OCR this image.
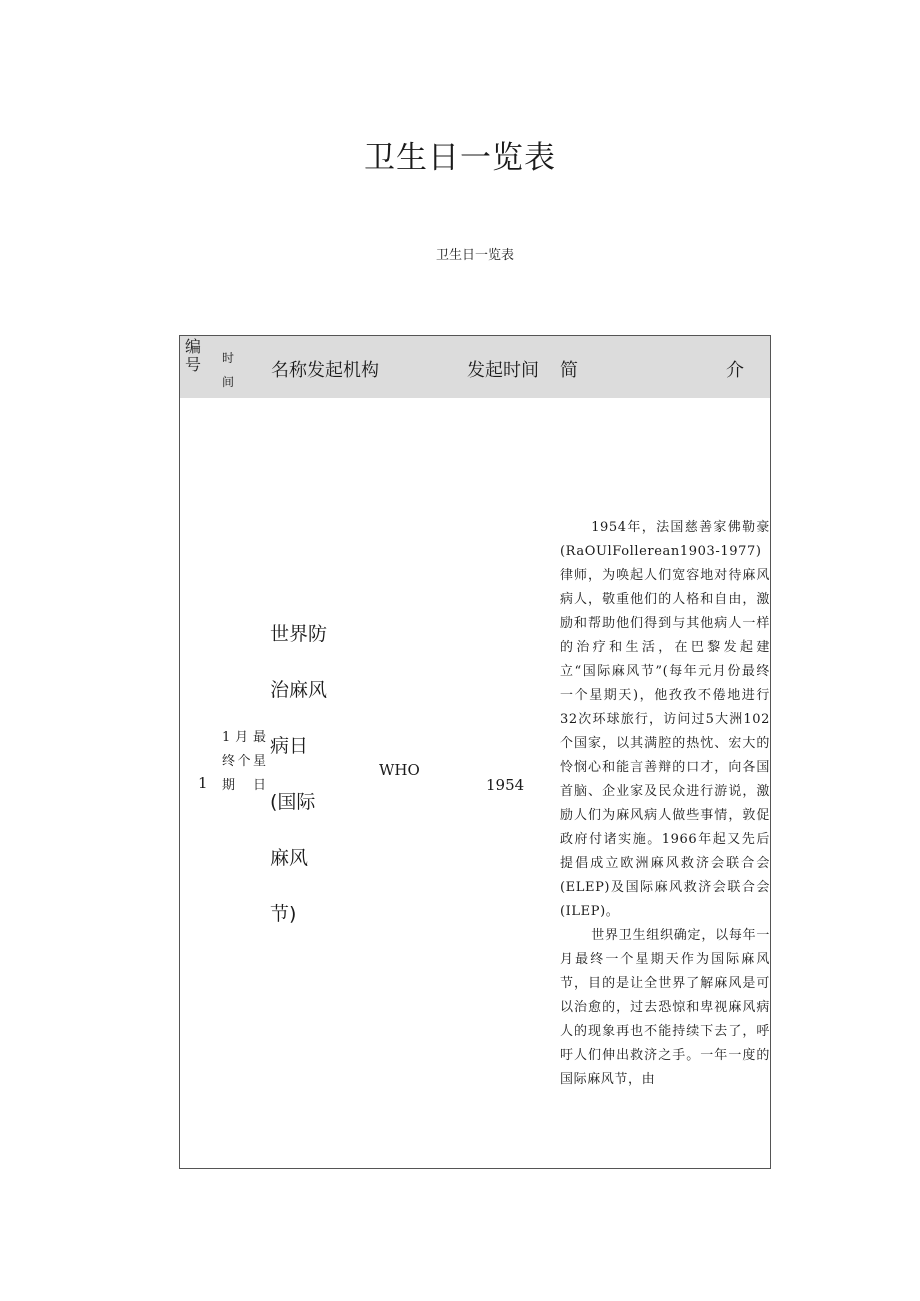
卫生日一览表
卫生日一览表
编号 时间
名称发起机构	发起时间 简	介
1
1月最终个星期日
世界防
治麻风
病日
(国际
麻风
节)
WHO
1954

1954年，法国慈善家佛勒豪(RaOUlFollerean1903-1977)律师，为唤起人们宽容地对待麻风病人，敬重他们的人格和自由，激励和帮助他们得到与其他病人一样的治疗和生活，在巴黎发起建立“国际麻风节”(每年元月份最终一个星期天)，他孜孜不倦地进行32次环球旅行，访问过5大洲102个国家，以其满腔的热忱、宏大的怜悯心和能言善辩的口才，向各国首脑、企业家及民众进行游说，激励人们为麻风病人做些事情，敦促政府付诸实施。1966年起又先后提倡成立欧洲麻风救济会联合会(ELEP)及国际麻风救济会联合会(ILEP)。

世界卫生组织确定，以每年一月最终一个星期天作为国际麻风节，目的是让全世界了解麻风是可以治愈的，过去恐惊和卑视麻风病人的现象再也不能持续下去了，呼吁人们伸出救济之手。一年一度的国际麻风节，由
